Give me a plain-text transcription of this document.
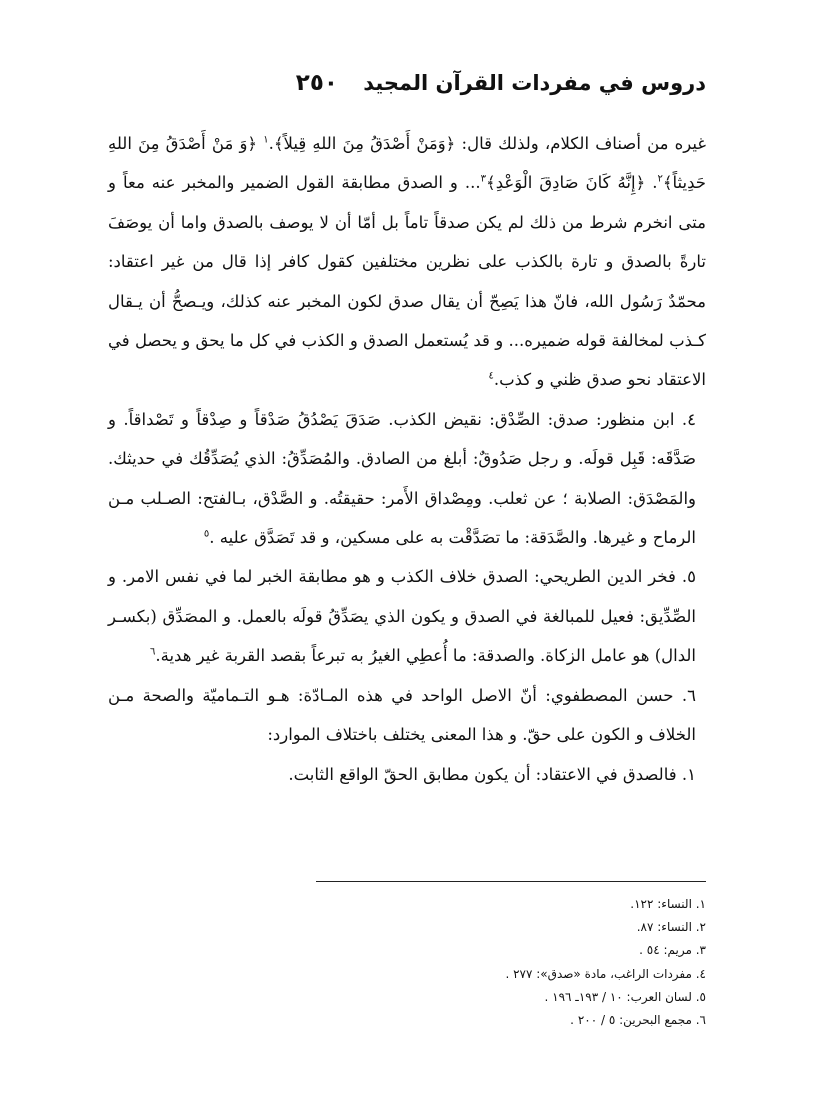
دروس في مفردات القرآن المجيد ٢٥٠

غيره من أصناف الكلام، ولذلك قال: ﴿وَمَنْ أَصْدَقُ مِنَ اللهِ قِيلاً﴾.$^١$ ﴿وَ مَنْ أَصْدَقُ مِنَ اللهِ حَدِيثاً﴾$^٢$. ﴿إِنَّهُ كَانَ صَادِقَ الْوَعْدِ﴾$^٣$... و الصدق مطابقة القول الضمير والمخبر عنه معاً و متى انخرم شرط من ذلك لم يكن صدقاً تاماً بل أمّا أن لا يوصف بالصدق واما أن يوصَفَ تارةً بالصدق و تارة بالكذب على نظرين مختلفين كقول كافر إذا قال من غير اعتقاد: محمّدٌ رَسُول الله، فانّ هذا يَصِحّ أن يقال صدق لكون المخبر عنه كذلك، ويـصحُّ أن يـقال كـذب لمخالفة قوله ضميره... و قد يُستعمل الصدق و الكذب في كل ما يحق و يحصل في الاعتقاد نحو صدق ظني و كذب.$^٤$

٤. ابن منظور: صدق: الصِّدْق: نقيض الكذب. صَدَقَ يَصْدُقُ صَدْقاً و صِدْقاً و تَصْداقاً. و صَدَّقَه: قَبِل قولَه. و رجل صَدُوقٌ: أبلغ من الصادق. والمُصَدِّقُ: الذي يُصَدِّقُك في حديثك. والمَصْدَق: الصلابة ؛ عن ثعلب. ومِصْداق الأَمر: حقيقتُه. و الصَّدْق، بـالفتح: الصـلب مـن الرماح و غيرها. والصَّدَقة: ما تصَدَّقْت به على مسكين، و قد تَصَدَّق عليه .$^٥$

٥. فخر الدين الطريحي: الصدق خلاف الكذب و هو مطابقة الخبر لما في نفس الامر. و الصِّدِّيق: فعيل للمبالغة في الصدق و يكون الذي يصَدِّقُ قولَه بالعمل. و المصَدِّق (بكسـر الدال) هو عامل الزكاة. والصدقة: ما أُعطِي الغيرُ به تبرعاً بقصد القربة غير هدية.$^٦$

٦. حسن المصطفوي: أنّ الاصل الواحد في هذه المـادّة: هـو التـماميّة والصحة مـن الخلاف و الكون على حقّ. و هذا المعنى يختلف باختلاف الموارد:

١. فالصدق في الاعتقاد: أن يكون مطابق الحقّ الواقع الثابت.

١. النساء: ١٢٢.
٢. النساء: ٨٧.
٣. مريم: ٥٤ .
٤. مفردات الراغب، مادة «صدق»: ٢٧٧ .
٥. لسان العرب: ١٠ / ١٩٣ـ ١٩٦ .
٦. مجمع البحرين: ٥ / ٢٠٠ .
